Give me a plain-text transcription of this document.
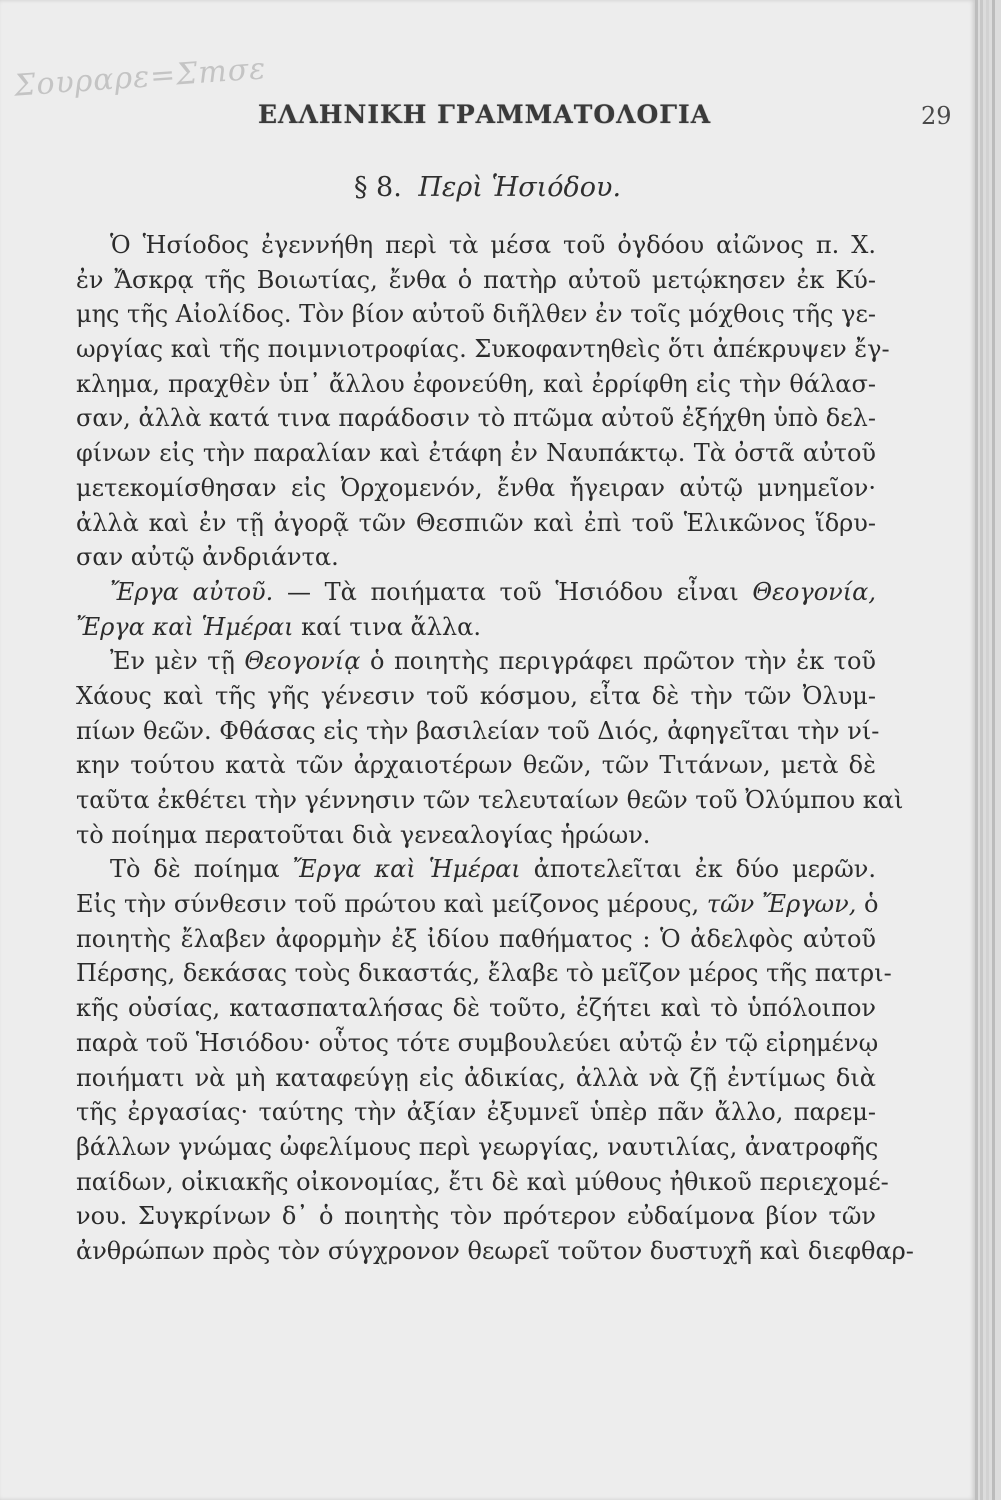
Σουραρε=Σmσε
ΕΛΛΗΝΙΚΗ ΓΡΑΜΜΑΤΟΛΟΓΙΑ	29
§ 8. Περὶ Ἡσιόδου.
Ὁ Ἡσίοδος ἐγεννήθη περὶ τὰ μέσα τοῦ ὀγδόου αἰῶνος π. Χ.
ἐν Ἄσκρᾳ τῆς Βοιωτίας, ἔνθα ὁ πατὴρ αὐτοῦ μετῴκησεν ἐκ Κύ-
μης τῆς Αἰολίδος. Τὸν βίον αὐτοῦ διῆλθεν ἐν τοῖς μόχθοις τῆς γε-
ωργίας καὶ τῆς ποιμνιοτροφίας. Συκοφαντηθεὶς ὅτι ἀπέκρυψεν ἔγ-
κλημα, πραχθὲν ὑπ᾽ ἄλλου ἐφονεύθη, καὶ ἐρρίφθη εἰς τὴν θάλασ-
σαν, ἀλλὰ κατά τινα παράδοσιν τὸ πτῶμα αὐτοῦ ἐξήχθη ὑπὸ δελ-
φίνων εἰς τὴν παραλίαν καὶ ἐτάφη ἐν Ναυπάκτῳ. Τὰ ὀστᾶ αὐτοῦ
μετεκομίσθησαν εἰς Ὀρχομενόν, ἔνθα ἤγειραν αὐτῷ μνημεῖον·
ἀλλὰ καὶ ἐν τῇ ἀγορᾷ τῶν Θεσπιῶν καὶ ἐπὶ τοῦ Ἑλικῶνος ἵδρυ-
σαν αὐτῷ ἀνδριάντα.
Ἔργα αὐτοῦ. — Τὰ ποιήματα τοῦ Ἡσιόδου εἶναι Θεογονία,
Ἔργα καὶ Ἡμέραι καί τινα ἄλλα.
Ἐν μὲν τῇ Θεογονίᾳ ὁ ποιητὴς περιγράφει πρῶτον τὴν ἐκ τοῦ
Χάους καὶ τῆς γῆς γένεσιν τοῦ κόσμου, εἶτα δὲ τὴν τῶν Ὀλυμ-
πίων θεῶν. Φθάσας εἰς τὴν βασιλείαν τοῦ Διός, ἀφηγεῖται τὴν νί-
κην τούτου κατὰ τῶν ἀρχαιοτέρων θεῶν, τῶν Τιτάνων, μετὰ δὲ
ταῦτα ἐκθέτει τὴν γέννησιν τῶν τελευταίων θεῶν τοῦ Ὀλύμπου καὶ
τὸ ποίημα περατοῦται διὰ γενεαλογίας ἡρώων.
Τὸ δὲ ποίημα Ἔργα καὶ Ἡμέραι ἀποτελεῖται ἐκ δύο μερῶν.
Εἰς τὴν σύνθεσιν τοῦ πρώτου καὶ μείζονος μέρους, τῶν Ἔργων, ὁ
ποιητὴς ἔλαβεν ἀφορμὴν ἐξ ἰδίου παθήματος : Ὁ ἀδελφὸς αὐτοῦ
Πέρσης, δεκάσας τοὺς δικαστάς, ἔλαβε τὸ μεῖζον μέρος τῆς πατρι-
κῆς οὐσίας, κατασπαταλήσας δὲ τοῦτο, ἐζήτει καὶ τὸ ὑπόλοιπον
παρὰ τοῦ Ἡσιόδου· οὗτος τότε συμβουλεύει αὐτῷ ἐν τῷ εἰρημένῳ
ποιήματι νὰ μὴ καταφεύγῃ εἰς ἀδικίας, ἀλλὰ νὰ ζῇ ἐντίμως διὰ
τῆς ἐργασίας· ταύτης τὴν ἀξίαν ἐξυμνεῖ ὑπὲρ πᾶν ἄλλο, παρεμ-
βάλλων γνώμας ὠφελίμους περὶ γεωργίας, ναυτιλίας, ἀνατροφῆς
παίδων, οἰκιακῆς οἰκονομίας, ἔτι δὲ καὶ μύθους ἠθικοῦ περιεχομέ-
νου. Συγκρίνων δ᾽ ὁ ποιητὴς τὸν πρότερον εὐδαίμονα βίον τῶν
ἀνθρώπων πρὸς τὸν σύγχρονον θεωρεῖ τοῦτον δυστυχῆ καὶ διεφθαρ-
